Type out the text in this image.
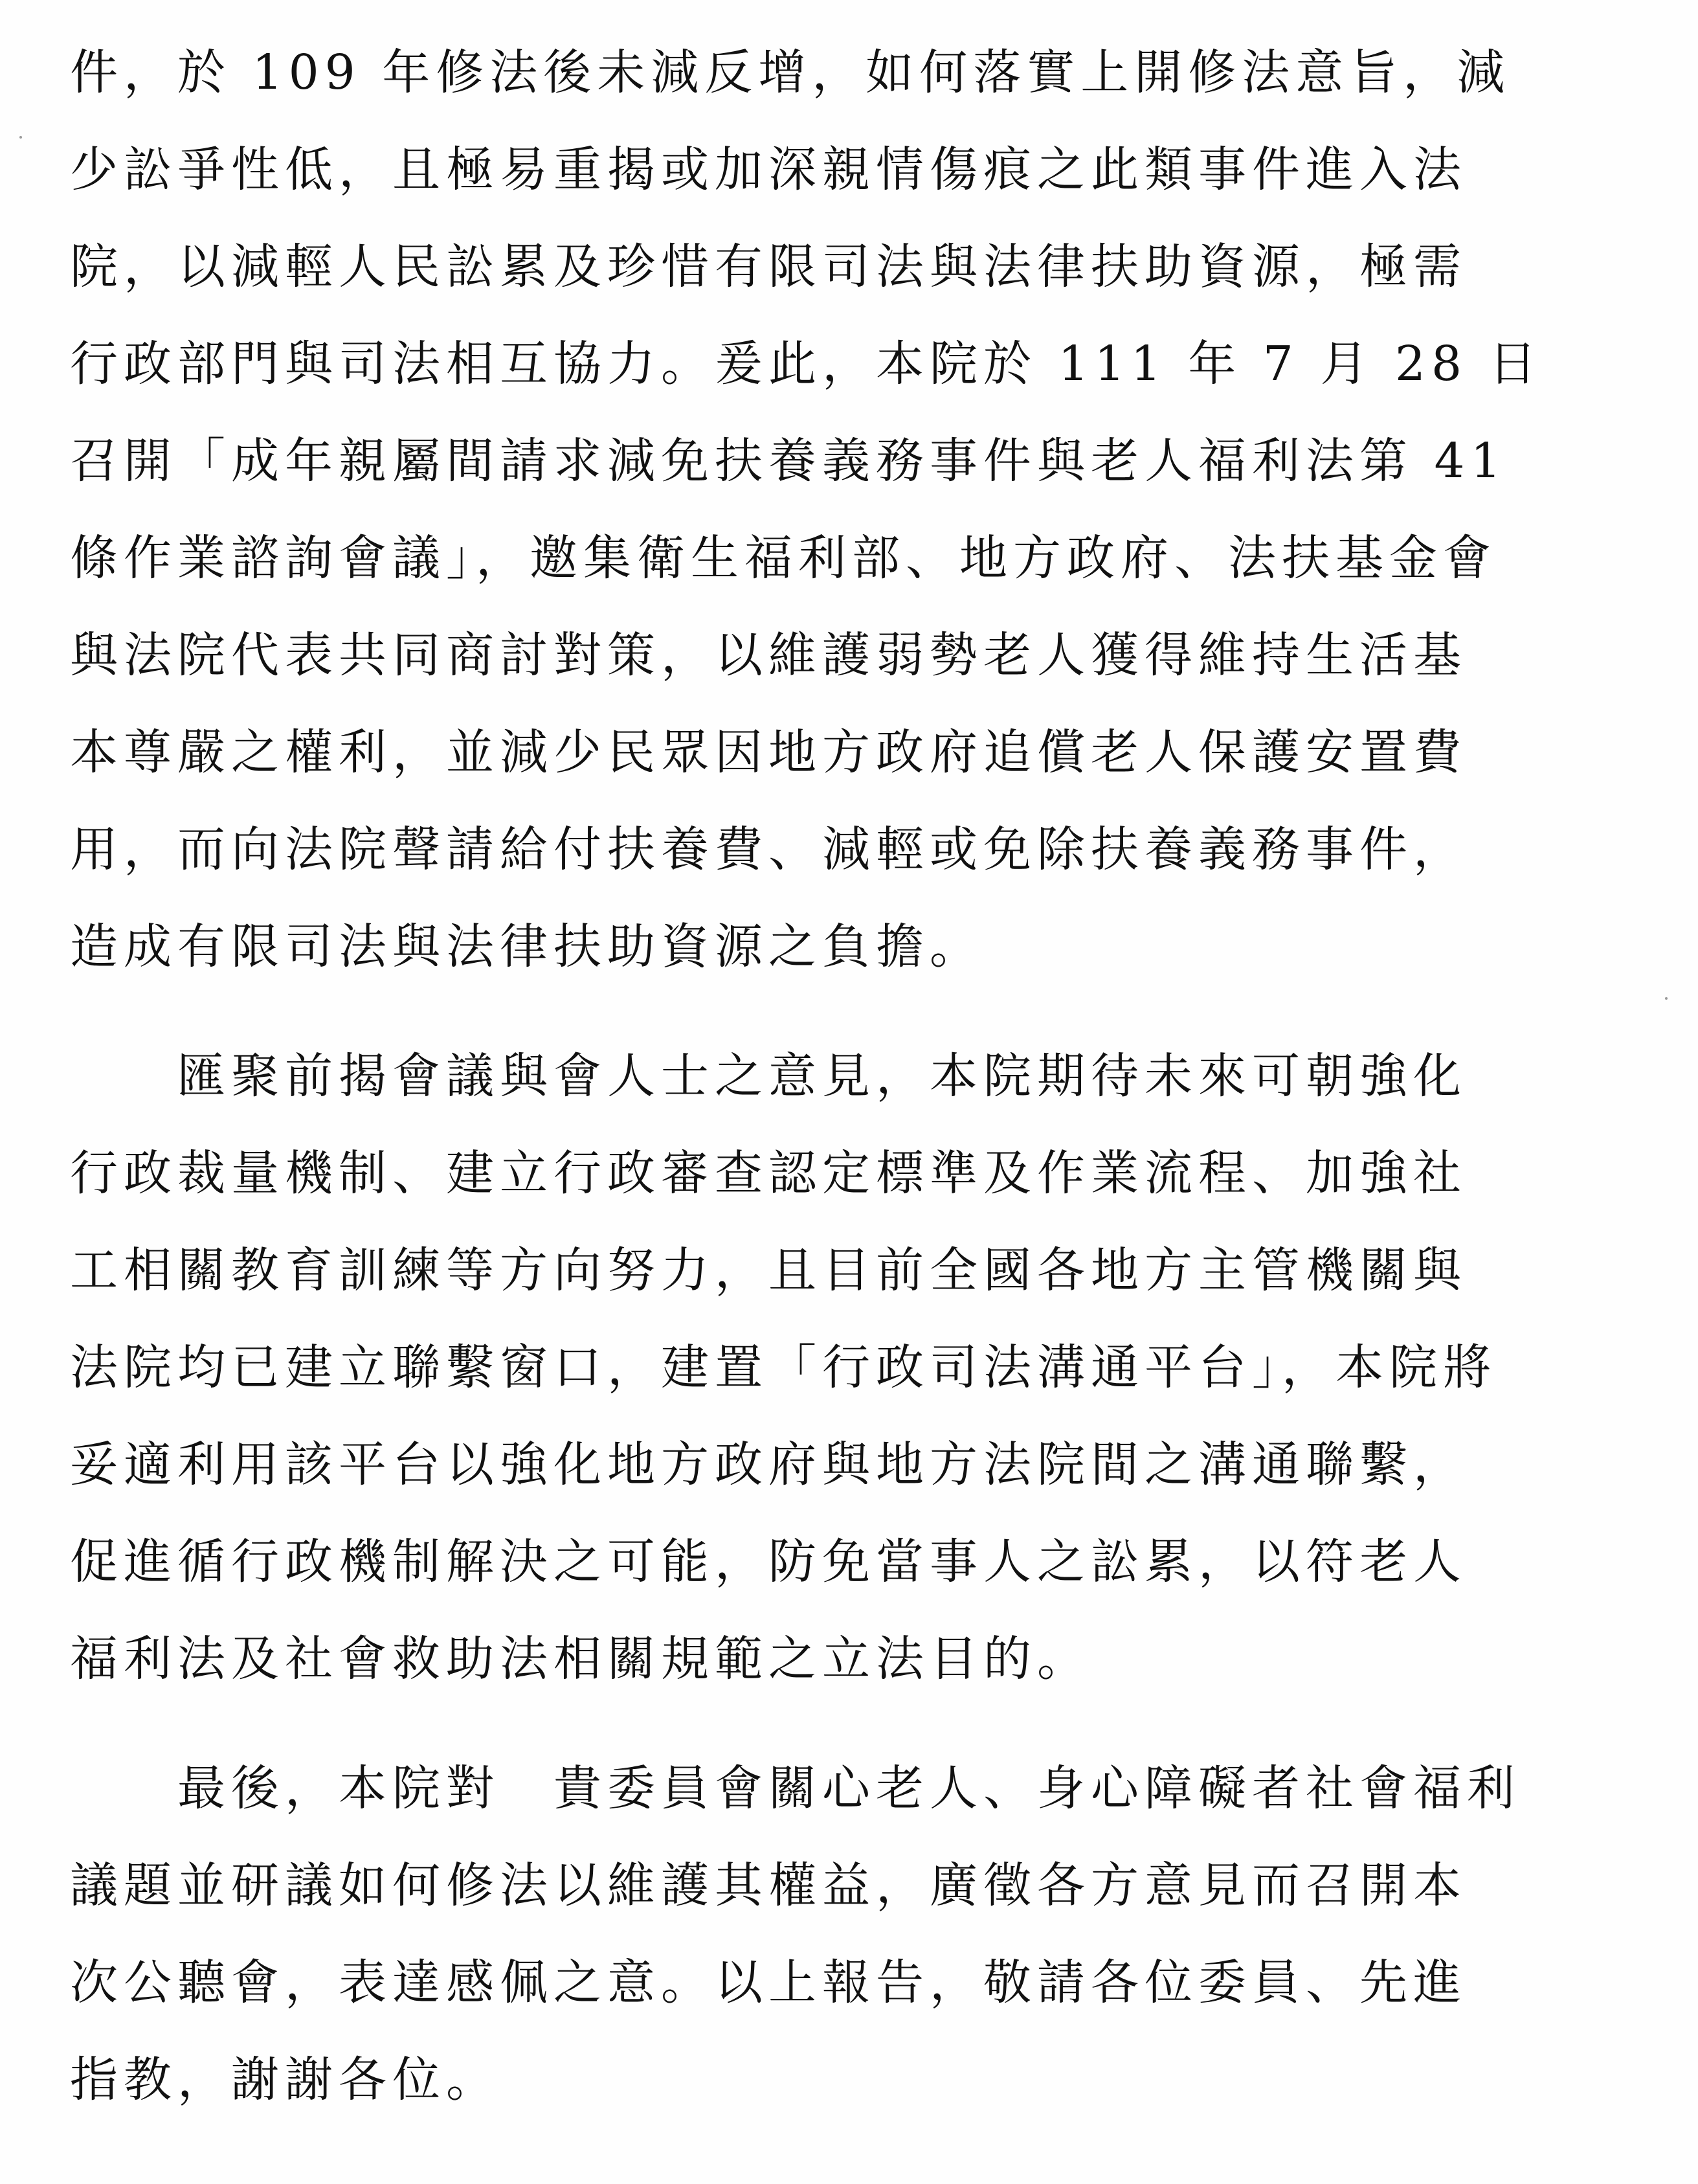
件，於 109 年修法後未減反增，如何落實上開修法意旨，減
少訟爭性低，且極易重揭或加深親情傷痕之此類事件進入法
院，以減輕人民訟累及珍惜有限司法與法律扶助資源，極需
行政部門與司法相互協力。爰此，本院於 111 年 7 月 28 日
召開「成年親屬間請求減免扶養義務事件與老人福利法第 41
條作業諮詢會議」，邀集衛生福利部、地方政府、法扶基金會
與法院代表共同商討對策，以維護弱勢老人獲得維持生活基
本尊嚴之權利，並減少民眾因地方政府追償老人保護安置費
用，而向法院聲請給付扶養費、減輕或免除扶養義務事件，
造成有限司法與法律扶助資源之負擔。
　　匯聚前揭會議與會人士之意見，本院期待未來可朝強化
行政裁量機制、建立行政審查認定標準及作業流程、加強社
工相關教育訓練等方向努力，且目前全國各地方主管機關與
法院均已建立聯繫窗口，建置「行政司法溝通平台」，本院將
妥適利用該平台以強化地方政府與地方法院間之溝通聯繫，
促進循行政機制解決之可能，防免當事人之訟累，以符老人
福利法及社會救助法相關規範之立法目的。
　　最後，本院對　貴委員會關心老人、身心障礙者社會福利
議題並研議如何修法以維護其權益，廣徵各方意見而召開本
次公聽會，表達感佩之意。以上報告，敬請各位委員、先進
指教，謝謝各位。
